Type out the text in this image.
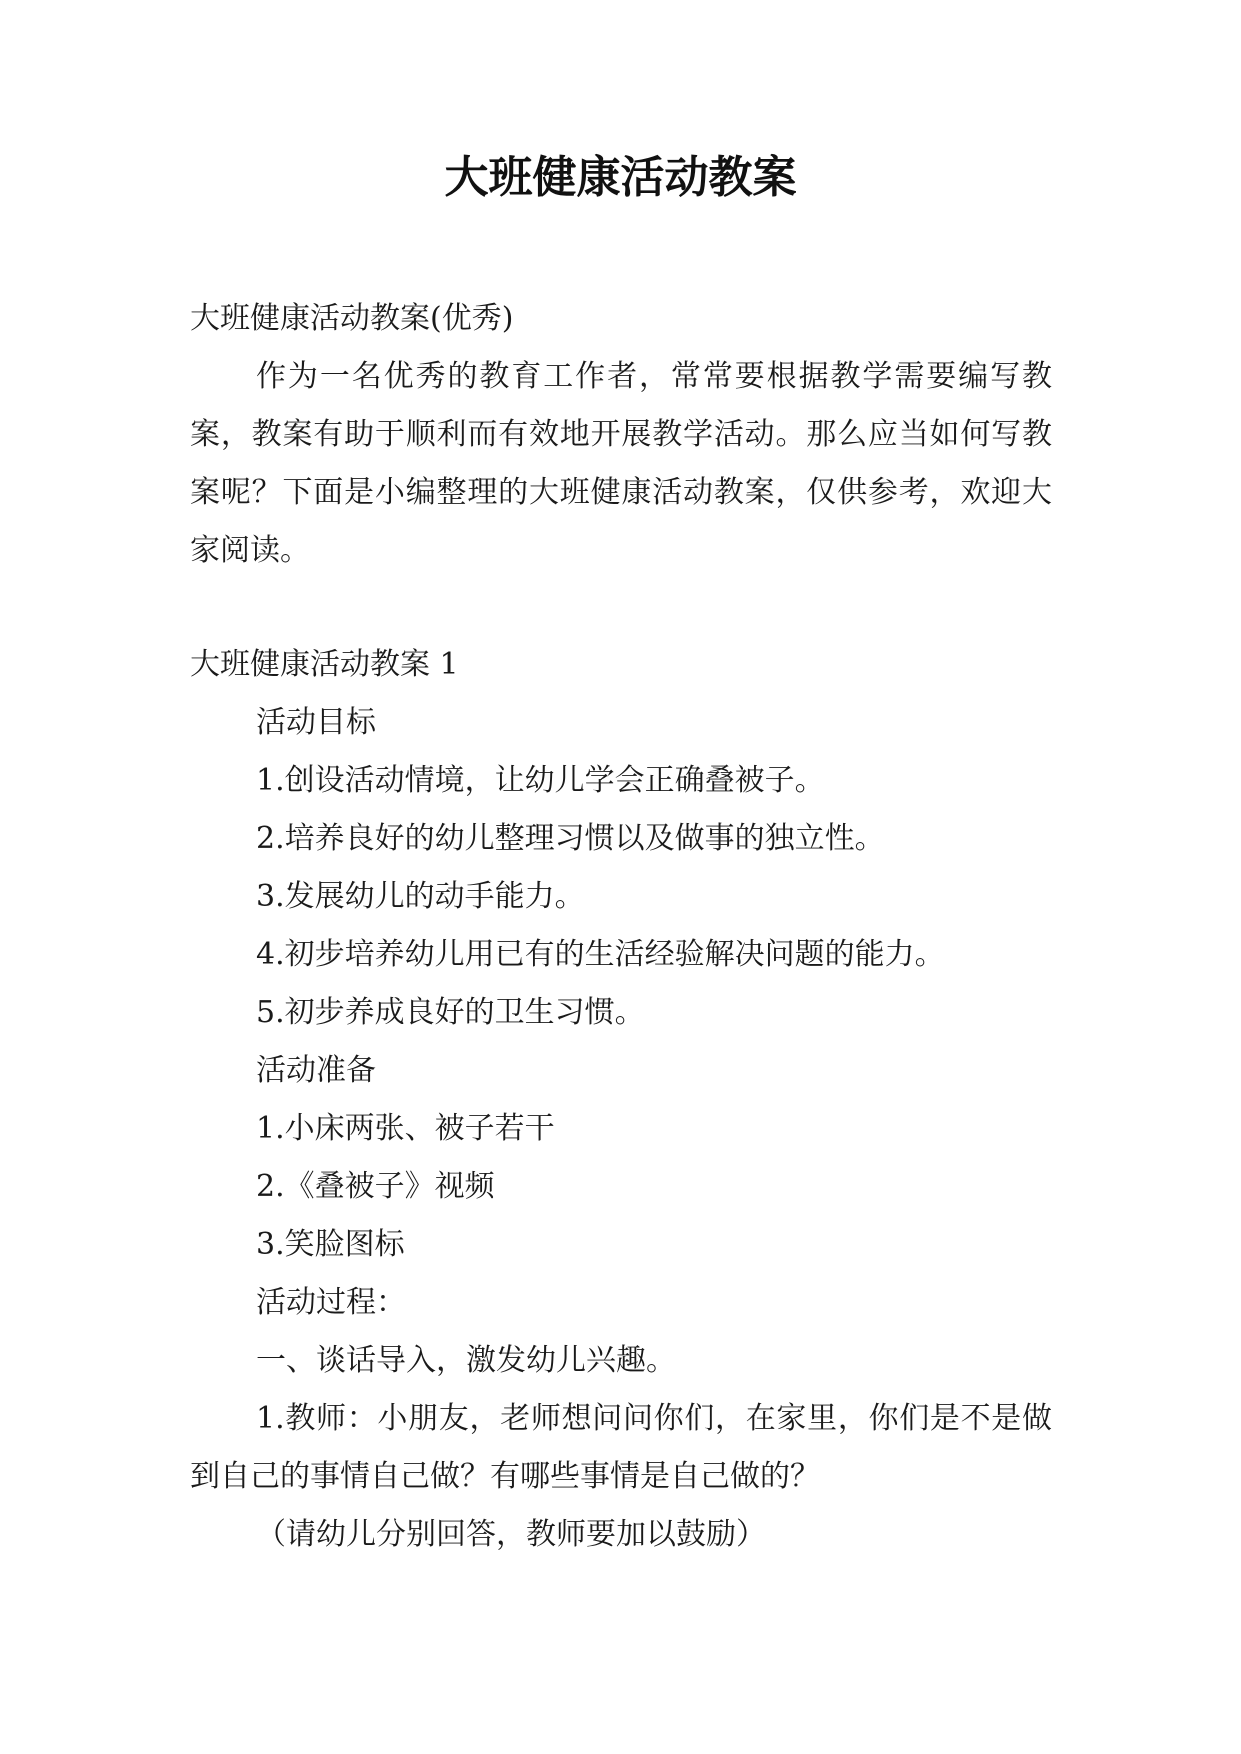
大班健康活动教案

大班健康活动教案(优秀)

作为一名优秀的教育工作者，常常要根据教学需要编写教案，教案有助于顺利而有效地开展教学活动。那么应当如何写教案呢？下面是小编整理的大班健康活动教案，仅供参考，欢迎大家阅读。

大班健康活动教案 1

活动目标

1.创设活动情境，让幼儿学会正确叠被子。

2.培养良好的幼儿整理习惯以及做事的独立性。

3.发展幼儿的动手能力。

4.初步培养幼儿用已有的生活经验解决问题的能力。

5.初步养成良好的卫生习惯。

活动准备

1.小床两张、被子若干

2.《叠被子》视频

3.笑脸图标

活动过程：

一、谈话导入，激发幼儿兴趣。

1.教师：小朋友，老师想问问你们，在家里，你们是不是做到自己的事情自己做？有哪些事情是自己做的？

（请幼儿分别回答，教师要加以鼓励）
